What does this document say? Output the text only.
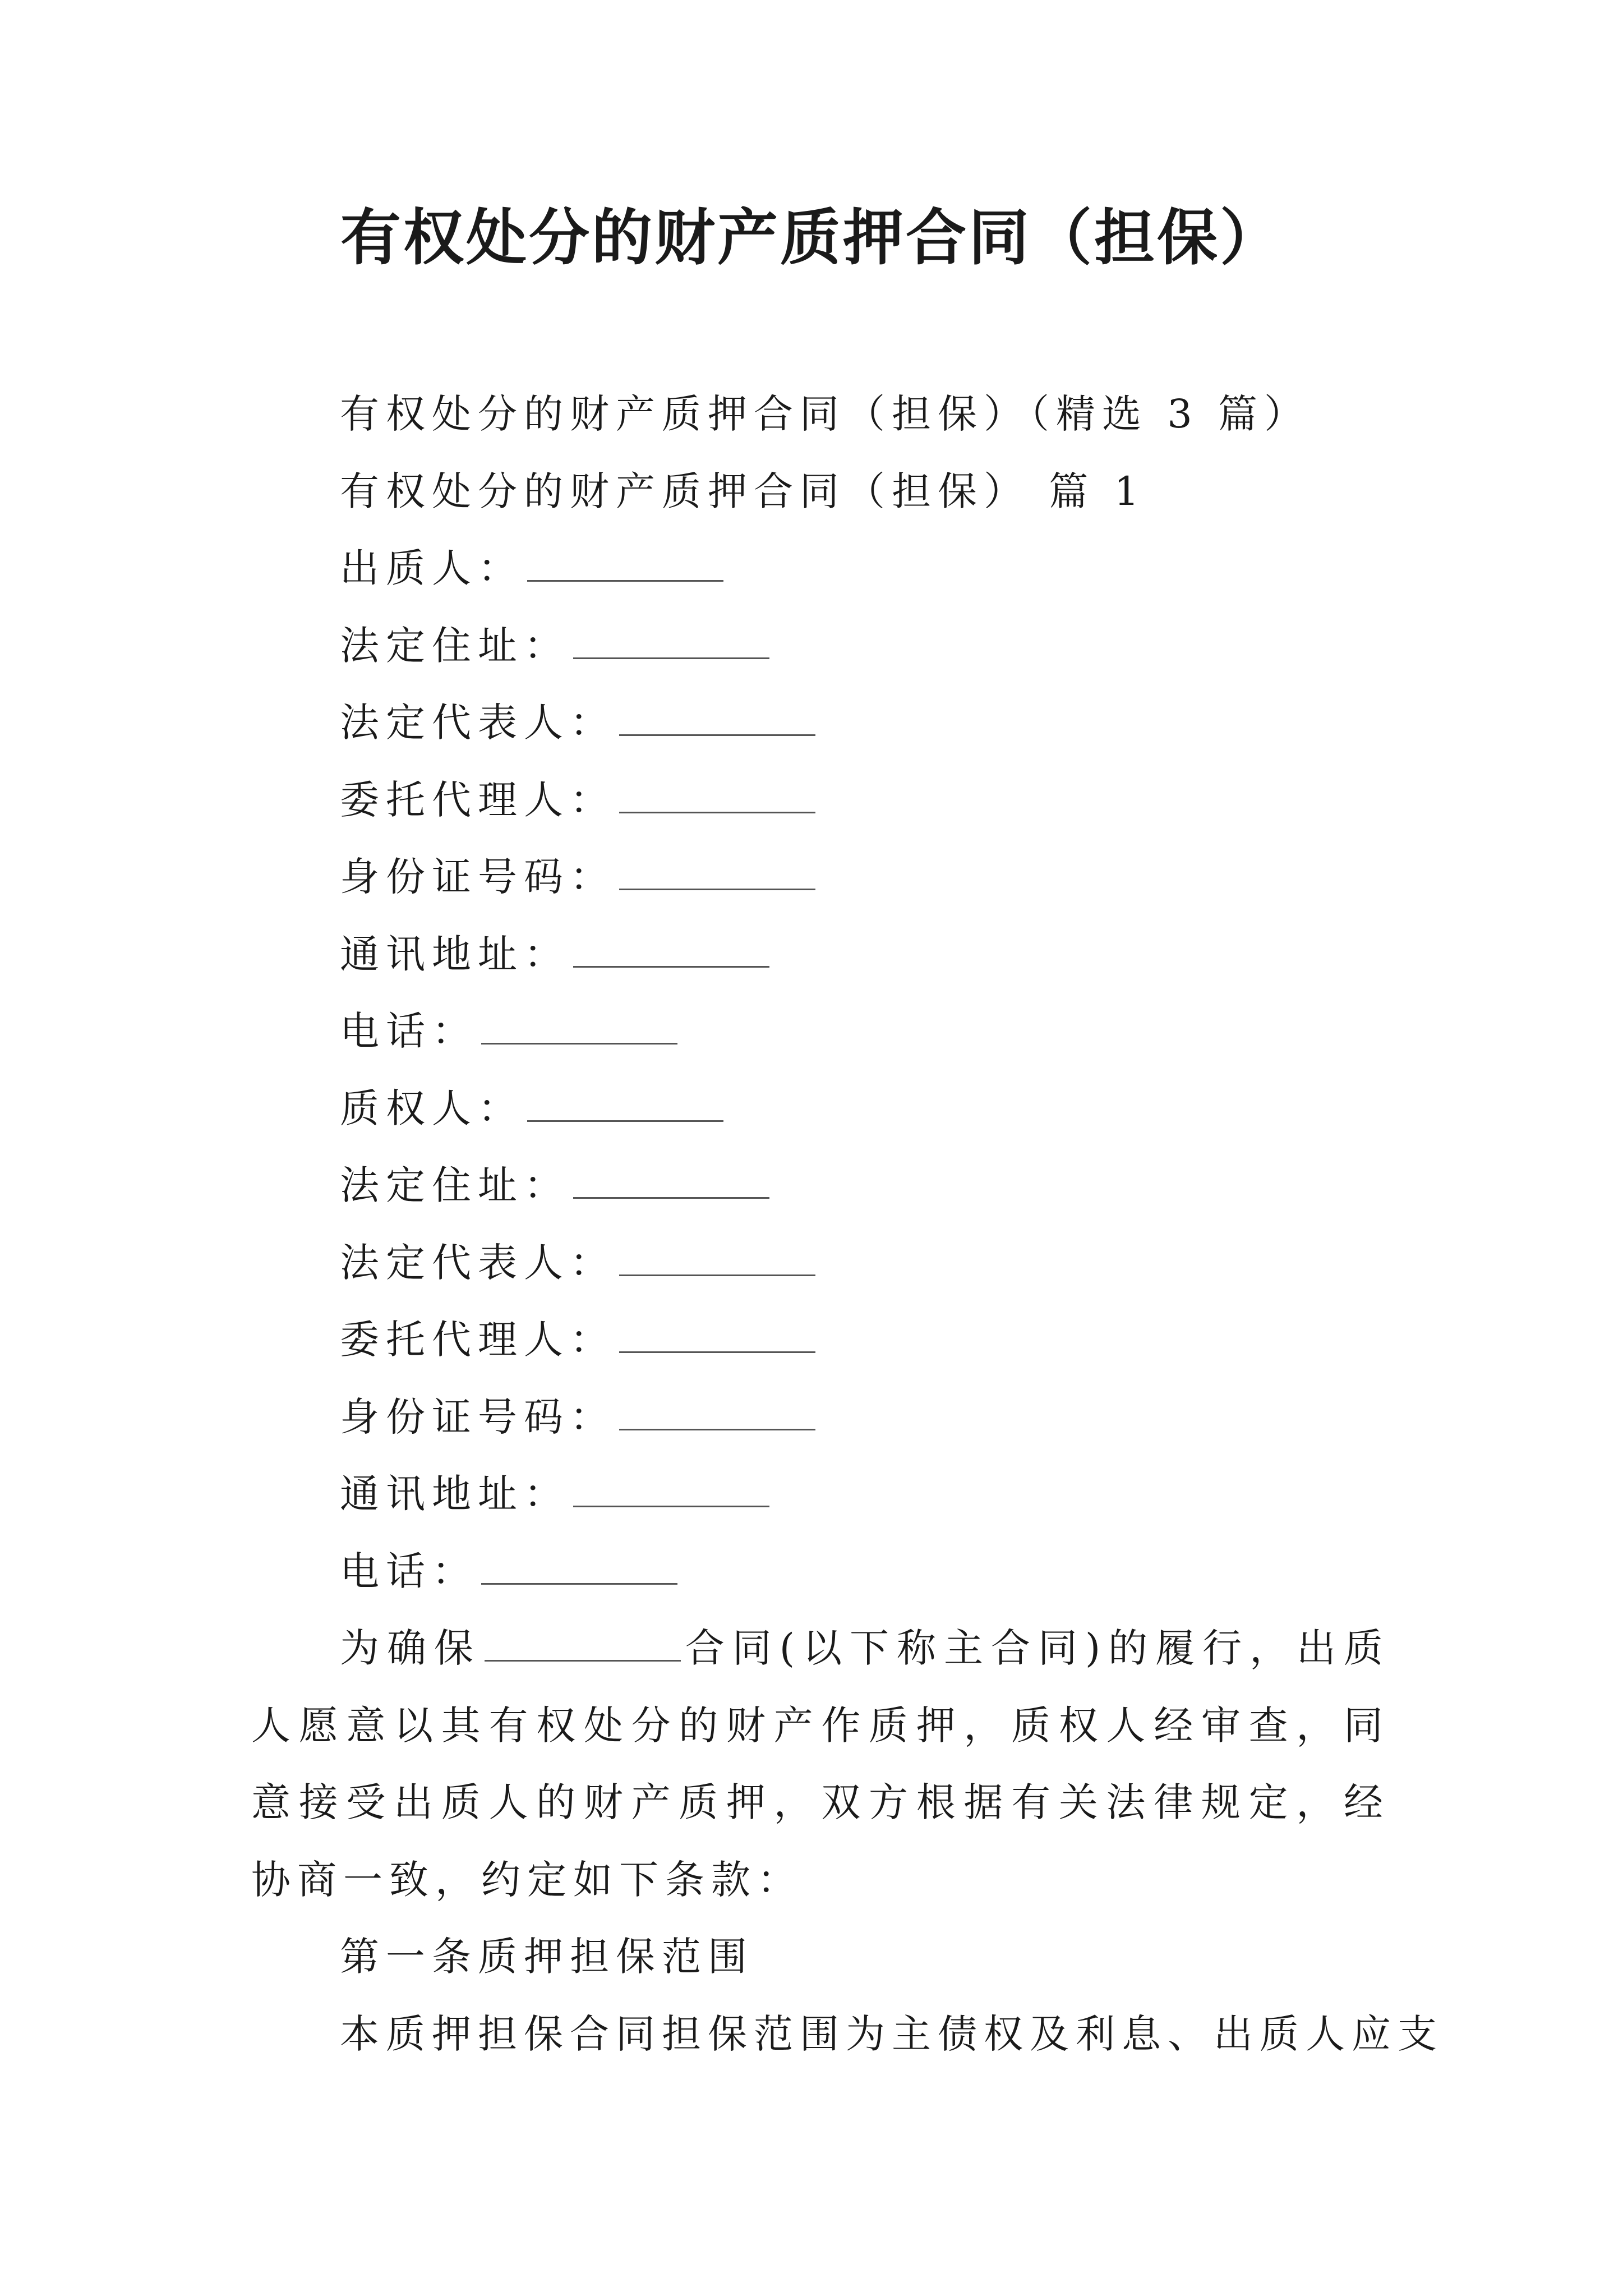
有权处分的财产质押合同（担保）
有权处分的财产质押合同（担保）（精选 3 篇）
有权处分的财产质押合同（担保） 篇 1
出质人：
法定住址：
法定代表人：
委托代理人：
身份证号码：
通讯地址：
电话：
质权人：
法定住址：
法定代表人：
委托代理人：
身份证号码：
通讯地址：
电话：

为确保	合同(以下称主合同)的履行，出质人愿意以其有权处分的财产作质押，质权人经审查，同意接受出质人的财产质押，双方根据有关法律规定，经协商一致，约定如下条款：

第一条质押担保范围
本质押担保合同担保范围为主债权及利息、出质人应支
